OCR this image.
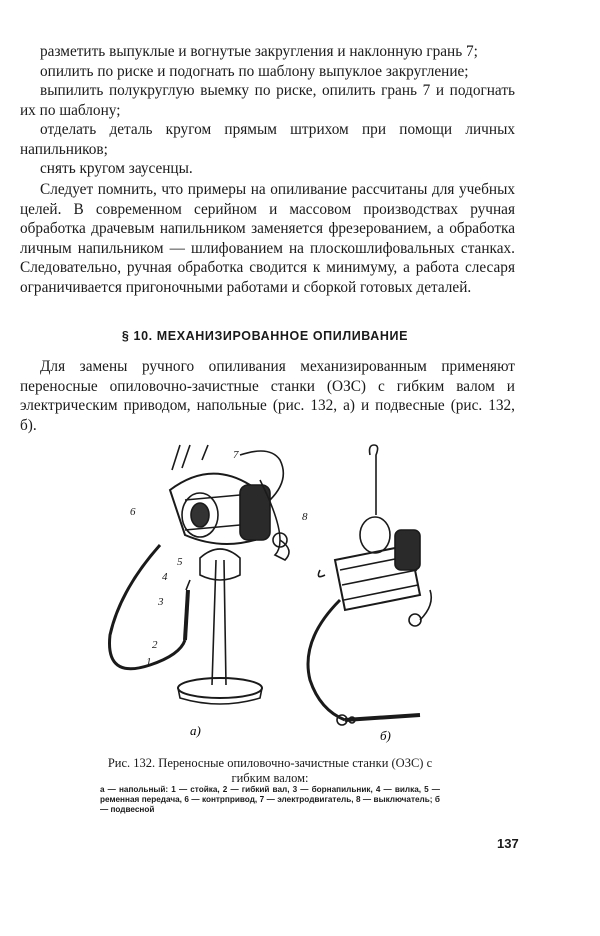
разметить выпуклые и вогнутые закругления и наклонную грань 7;

опилить по риске и подогнать по шаблону выпуклое закругление;

выпилить полукруглую выемку по риске, опилить грань 7 и подогнать их по шаблону;

отделать деталь кругом прямым штрихом при помощи личных напильников;

снять кругом заусенцы.

Следует помнить, что примеры на опиливание рассчитаны для учебных целей. В современном серийном и массовом производствах ручная обработка драчевым напильником заменяется фрезерованием, а обработка личным напильником — шлифованием на плоскошлифовальных станках. Следовательно, ручная обработка сводится к минимуму, а работа слесаря ограничивается пригоночными работами и сборкой готовых деталей.

§ 10. МЕХАНИЗИРОВАННОЕ ОПИЛИВАНИЕ

Для замены ручного опиливания механизированным применяют переносные опиловочно-зачистные станки (ОЗС) с гибким валом и электрическим приводом, напольные (рис. 132, а) и подвесные (рис. 132, б).

7
6	8
5
4
3
2
1
а)	б)
Рис. 132. Переносные опиловочно-зачистные станки (ОЗС) с гибким валом:
а — напольный: 1 — стойка, 2 — гибкий вал, 3 — борнапильник, 4 — вилка, 5 — ременная передача, 6 — контрпривод, 7 — электродвигатель, 8 — выключатель; б — подвесной
137
